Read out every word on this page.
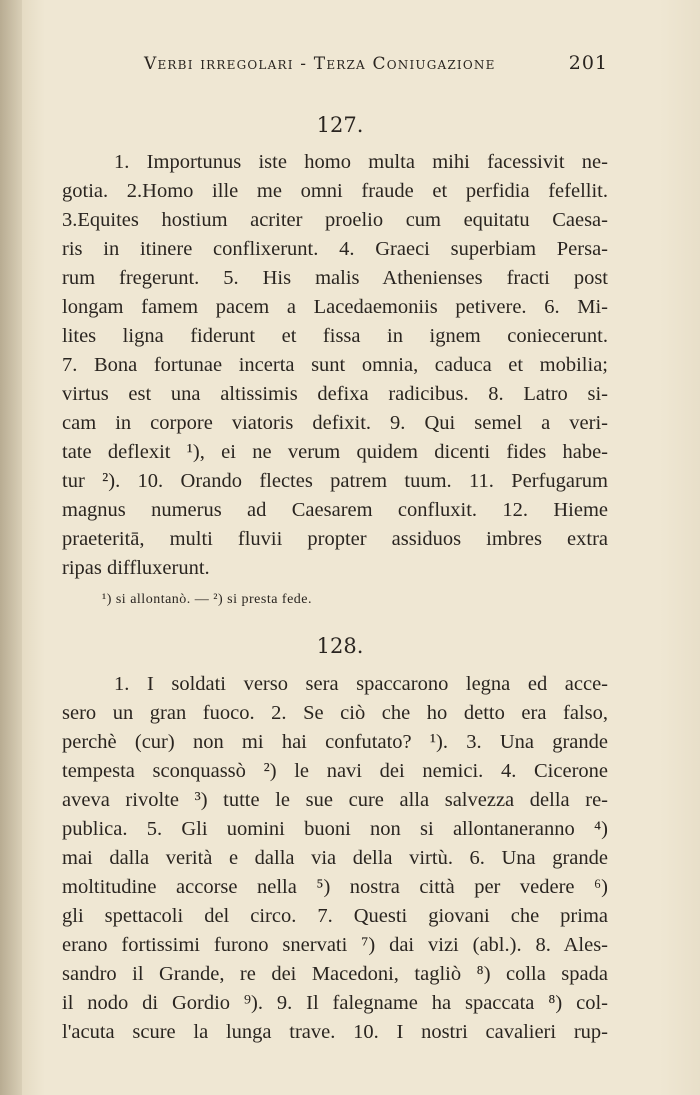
Verbi irregolari - Terza Coniugazione	201
127.
1. Importunus iste homo multa mihi facessivit ne-
gotia. 2.Homo ille me omni fraude et perfidia fefellit.
3.Equites hostium acriter proelio cum equitatu Caesa-
ris in itinere conflixerunt. 4. Graeci superbiam Persa-
rum fregerunt. 5. His malis Athenienses fracti post
longam famem pacem a Lacedaemoniis petivere. 6. Mi-
lites ligna fiderunt et fissa in ignem coniecerunt.
7. Bona fortunae incerta sunt omnia, caduca et mobilia;
virtus est una altissimis defixa radicibus. 8. Latro si-
cam in corpore viatoris defixit. 9. Qui semel a veri-
tate deflexit ¹), ei ne verum quidem dicenti fides habe-
tur ²). 10. Orando flectes patrem tuum. 11. Perfugarum
magnus numerus ad Caesarem confluxit. 12. Hieme
praeteritā, multi fluvii propter assiduos imbres extra
ripas diffluxerunt.
¹) si allontanò. — ²) si presta fede.
128.
1. I soldati verso sera spaccarono legna ed acce-
sero un gran fuoco. 2. Se ciò che ho detto era falso,
perchè (cur) non mi hai confutato? ¹). 3. Una grande
tempesta sconquassò ²) le navi dei nemici. 4. Cicerone
aveva rivolte ³) tutte le sue cure alla salvezza della re-
publica. 5. Gli uomini buoni non si allontaneranno ⁴)
mai dalla verità e dalla via della virtù. 6. Una grande
moltitudine accorse nella ⁵) nostra città per vedere ⁶)
gli spettacoli del circo. 7. Questi giovani che prima
erano fortissimi furono snervati ⁷) dai vizi (abl.). 8. Ales-
sandro il Grande, re dei Macedoni, tagliò ⁸) colla spada
il nodo di Gordio ⁹). 9. Il falegname ha spaccata ⁸) col-
l'acuta scure la lunga trave. 10. I nostri cavalieri rup-
